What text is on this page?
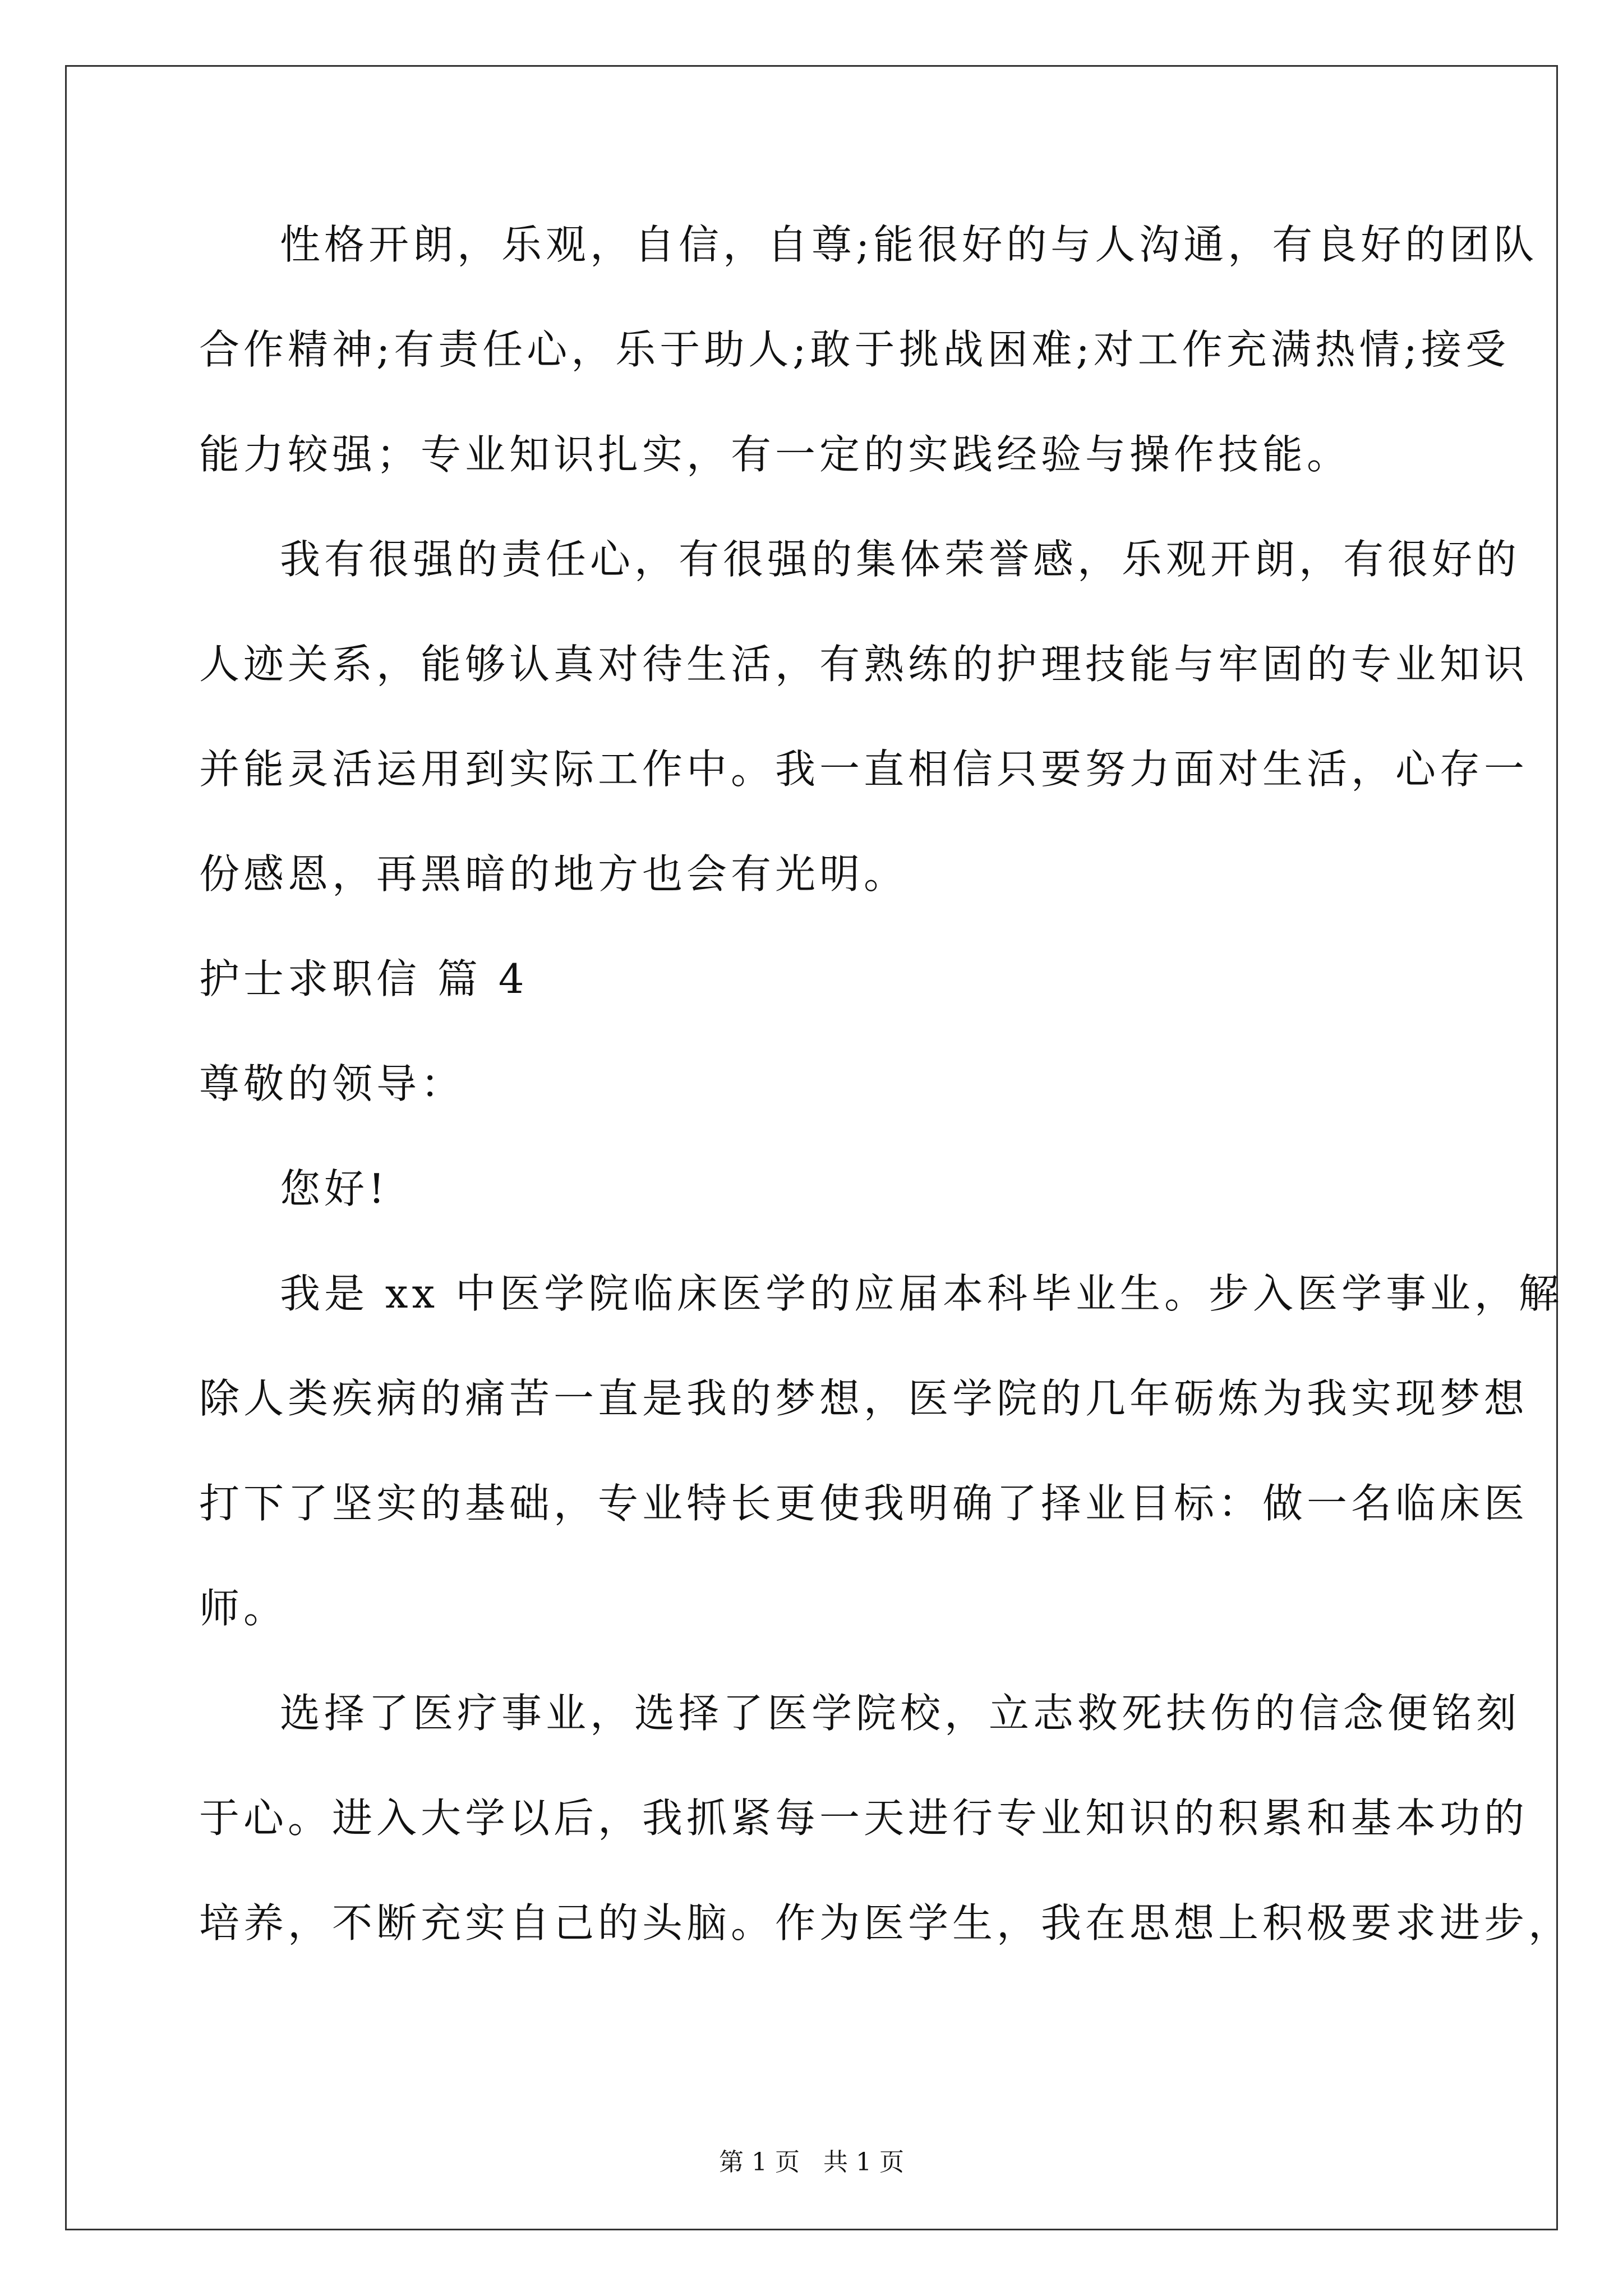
性格开朗，乐观，自信，自尊;能很好的与人沟通，有良好的团队
合作精神;有责任心，乐于助人;敢于挑战困难;对工作充满热情;接受
能力较强；专业知识扎实，有一定的实践经验与操作技能。
我有很强的责任心，有很强的集体荣誉感，乐观开朗，有很好的
人迹关系，能够认真对待生活，有熟练的护理技能与牢固的专业知识
并能灵活运用到实际工作中。我一直相信只要努力面对生活，心存一
份感恩，再黑暗的地方也会有光明。
护士求职信 篇 4
尊敬的领导：
您好!
我是 xx 中医学院临床医学的应届本科毕业生。步入医学事业，解
除人类疾病的痛苦一直是我的梦想，医学院的几年砺炼为我实现梦想
打下了坚实的基础，专业特长更使我明确了择业目标：做一名临床医
师。
选择了医疗事业，选择了医学院校，立志救死扶伤的信念便铭刻
于心。进入大学以后，我抓紧每一天进行专业知识的积累和基本功的
培养，不断充实自己的头脑。作为医学生，我在思想上积极要求进步，
第 1 页   共 1 页
